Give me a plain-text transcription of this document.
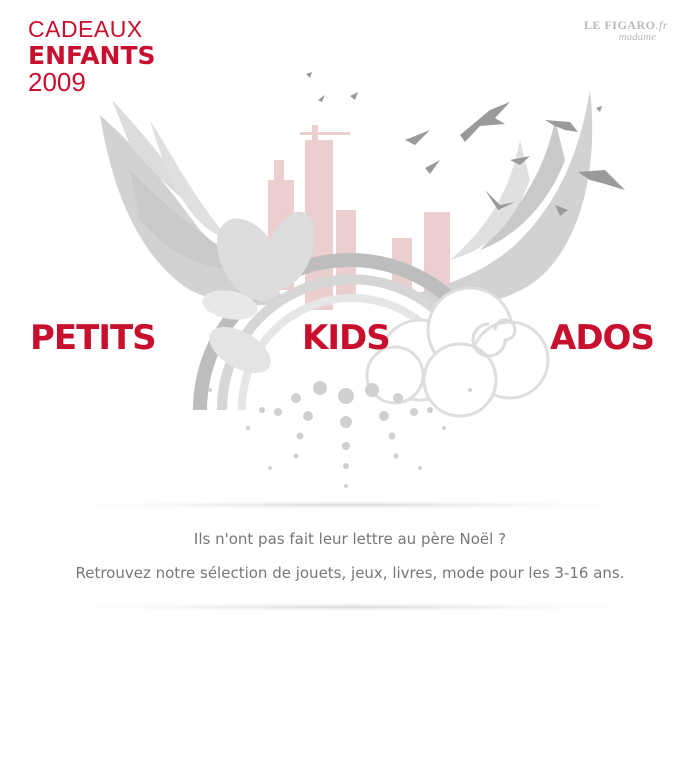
CADEAUX
ENFANTS
2009
LE FIGARO.fr
madame
PETITS	KIDS	ADOS
Ils n'ont pas fait leur lettre au père Noël ?
Retrouvez notre sélection de jouets, jeux, livres, mode pour les 3-16 ans.
